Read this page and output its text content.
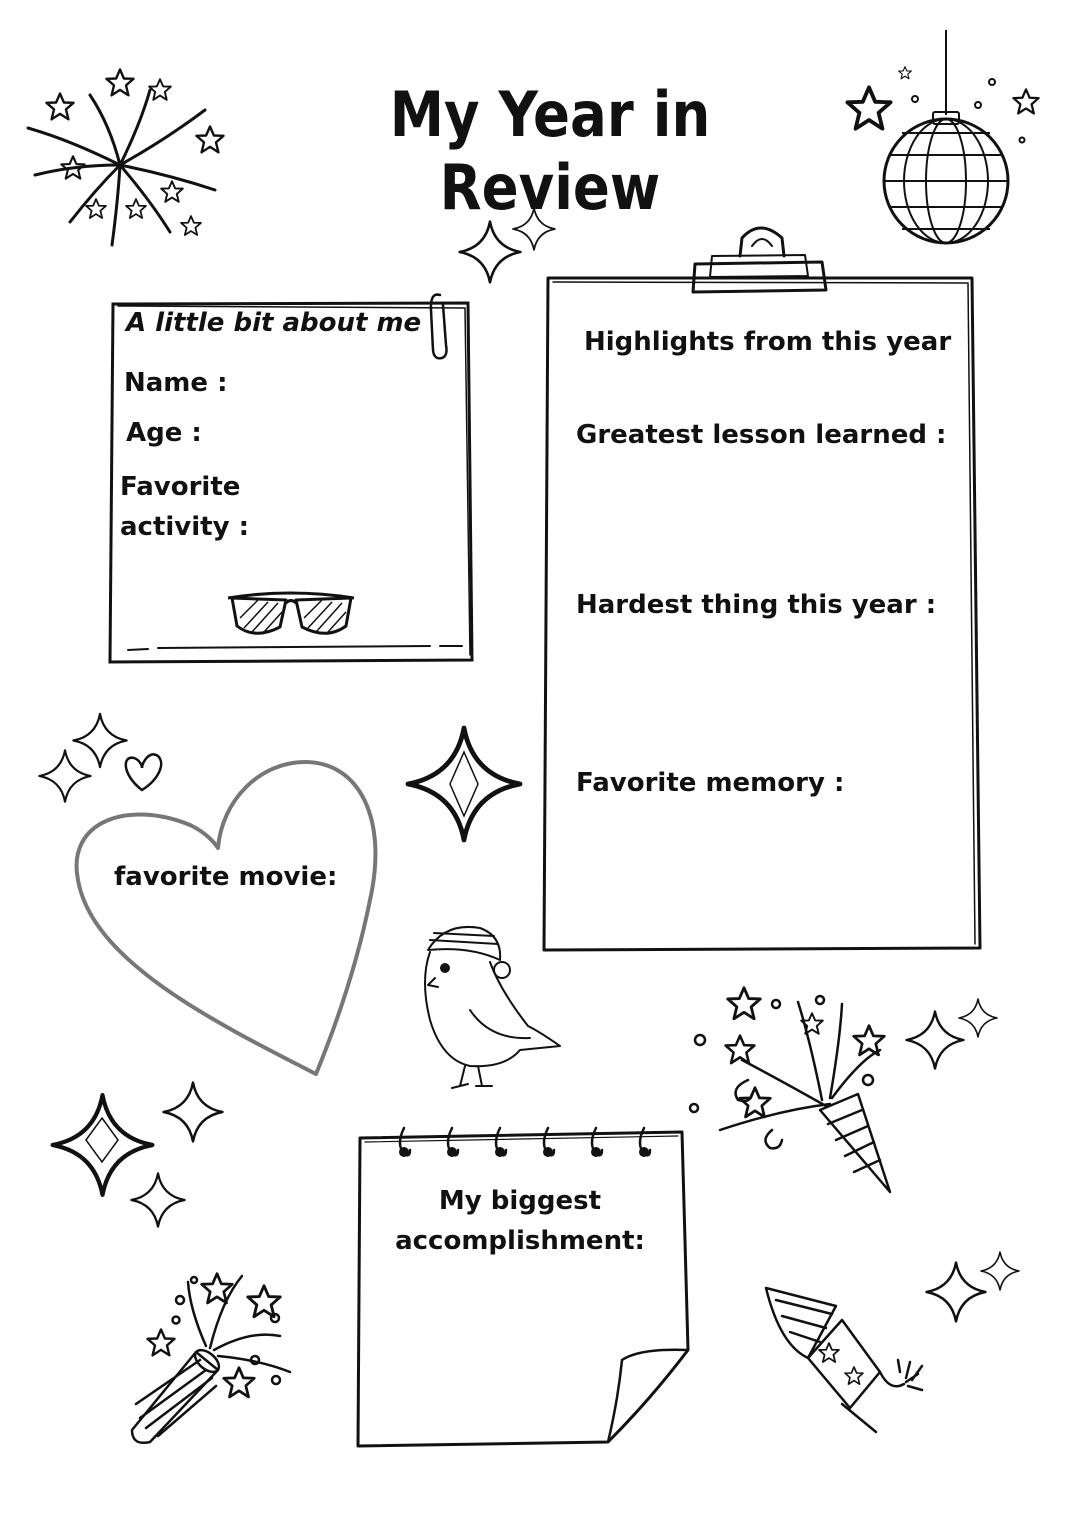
My Year in Review
A little bit about me
Name :
Age :
Favorite
activity :
Highlights from this year
Greatest lesson learned :
Hardest thing this year :
Favorite memory :
favorite movie:
My biggest
accomplishment:
